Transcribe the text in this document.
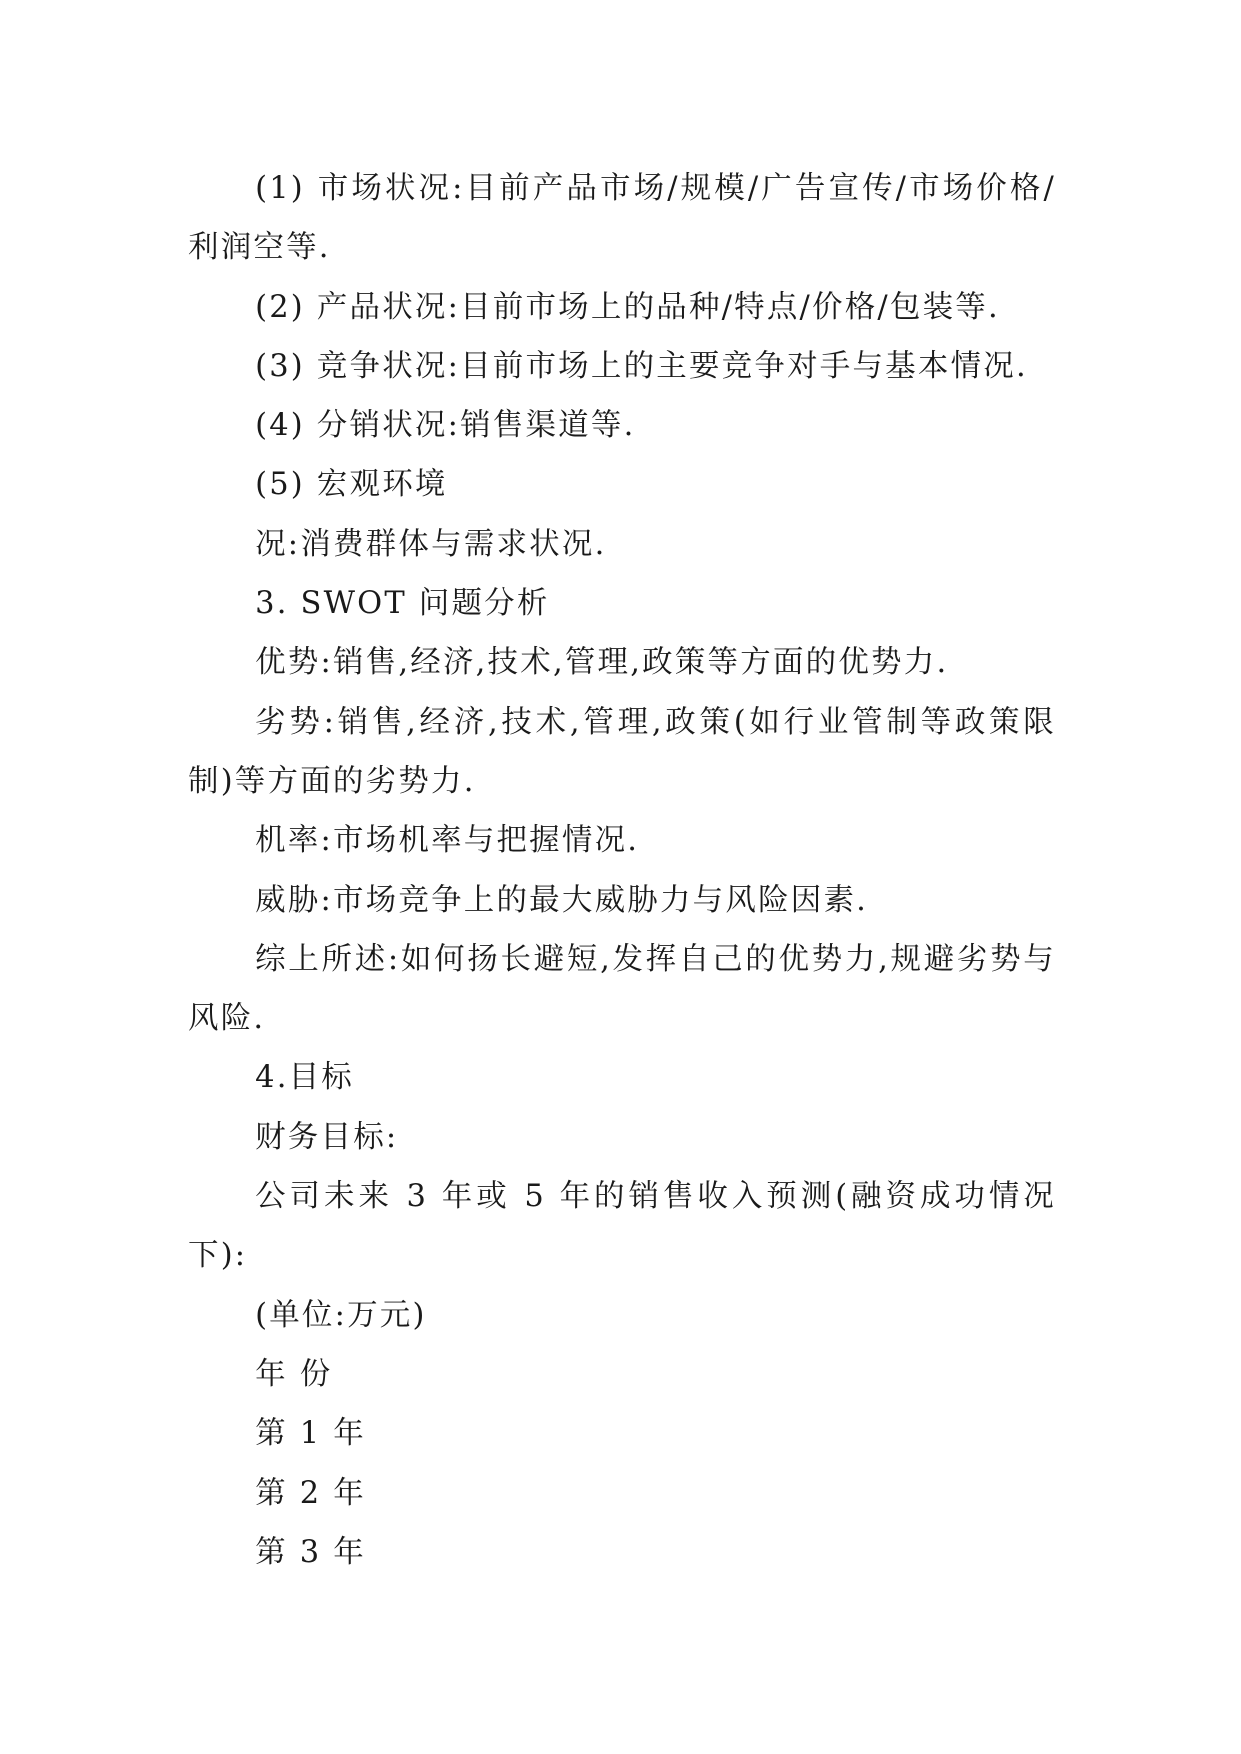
(1) 市场状况:目前产品市场/规模/广告宣传/市场价格/利润空等.

(2) 产品状况:目前市场上的品种/特点/价格/包装等.

(3) 竞争状况:目前市场上的主要竞争对手与基本情况.

(4) 分销状况:销售渠道等.

(5) 宏观环境

况:消费群体与需求状况.

3. SWOT 问题分析

优势:销售,经济,技术,管理,政策等方面的优势力.

劣势:销售,经济,技术,管理,政策(如行业管制等政策限制)等方面的劣势力.

机率:市场机率与把握情况.

威胁:市场竞争上的最大威胁力与风险因素.

综上所述:如何扬长避短,发挥自己的优势力,规避劣势与风险.

4.目标

财务目标:

公司未来 3 年或 5 年的销售收入预测(融资成功情况下):

(单位:万元)

年 份

第 1 年

第 2 年

第 3 年
